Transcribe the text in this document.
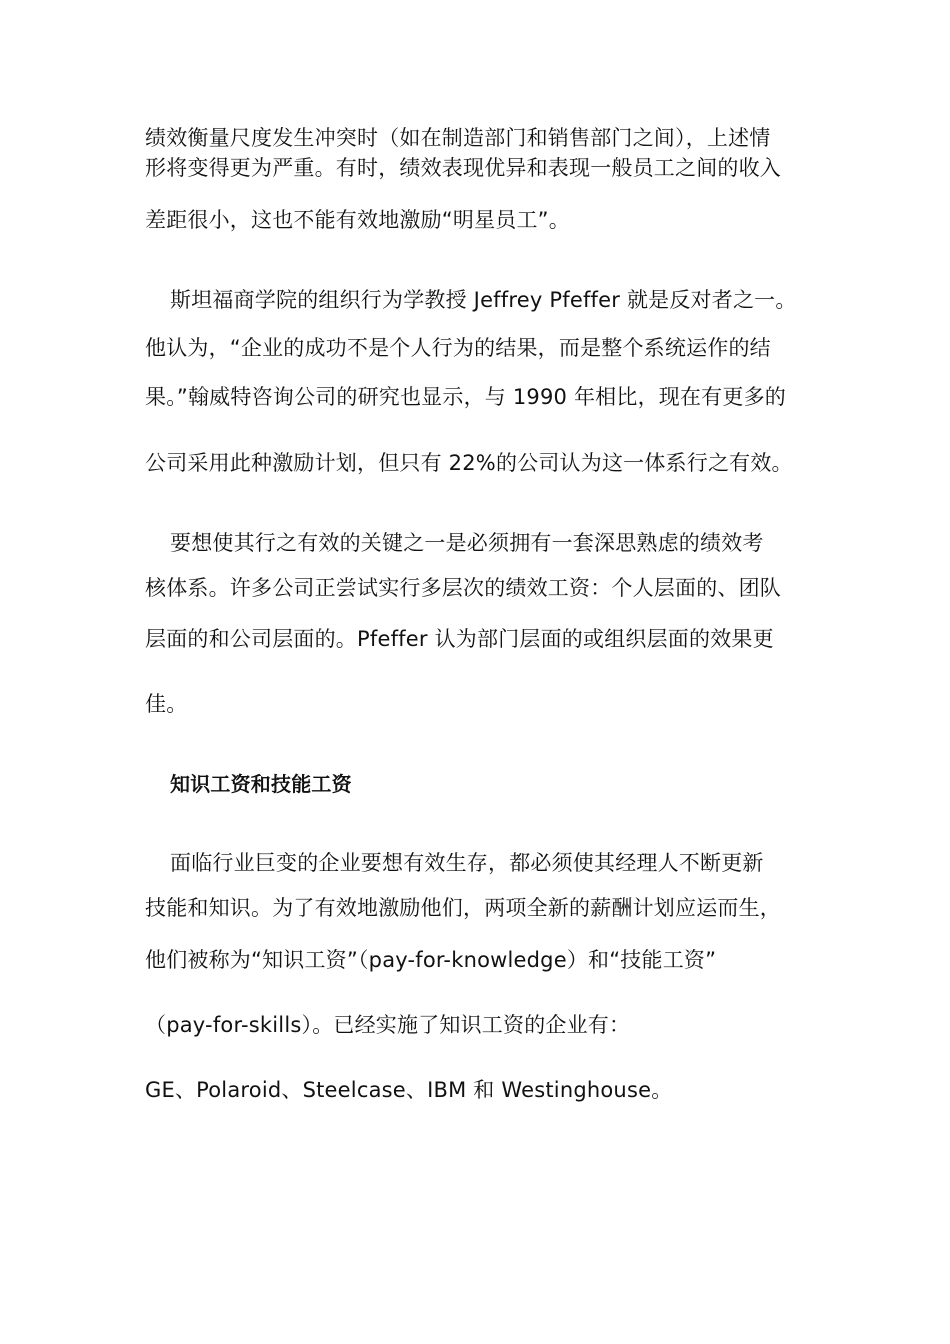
绩效衡量尺度发生冲突时（如在制造部门和销售部门之间），上述情
形将变得更为严重。有时，绩效表现优异和表现一般员工之间的收入
差距很小，这也不能有效地激励“明星员工”。
斯坦福商学院的组织行为学教授 Jeffrey Pfeffer 就是反对者之一。
他认为，“企业的成功不是个人行为的结果，而是整个系统运作的结
果。”翰威特咨询公司的研究也显示，与 1990 年相比，现在有更多的
公司采用此种激励计划，但只有 22%的公司认为这一体系行之有效。
要想使其行之有效的关键之一是必须拥有一套深思熟虑的绩效考
核体系。许多公司正尝试实行多层次的绩效工资：个人层面的、团队
层面的和公司层面的。Pfeffer 认为部门层面的或组织层面的效果更
佳。
知识工资和技能工资
面临行业巨变的企业要想有效生存，都必须使其经理人不断更新
技能和知识。为了有效地激励他们，两项全新的薪酬计划应运而生，
他们被称为“知识工资”（pay-for-knowledge）和“技能工资”
（pay-for-skills）。已经实施了知识工资的企业有：
GE、Polaroid、Steelcase、IBM 和 Westinghouse。
